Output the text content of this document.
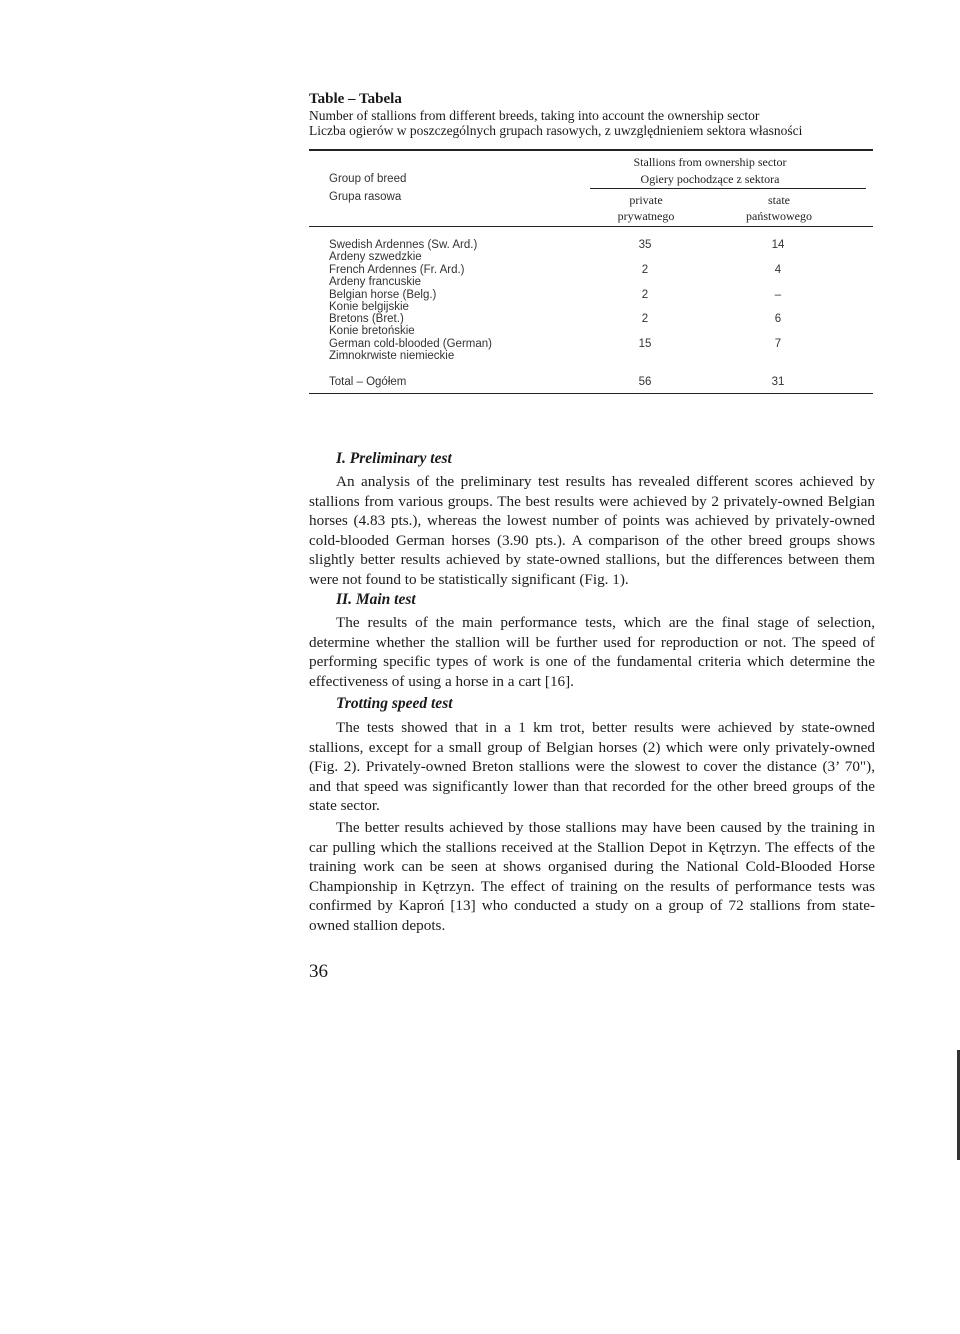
Table – Tabela
Number of stallions from different breeds, taking into account the ownership sector
Liczba ogierów w poszczególnych grupach rasowych, z uwzględnieniem sektora własności
Group of breed
Grupa rasowa
Stallions from ownership sector
Ogiery pochodzące z sektora
private
prywatnego
state
państwowego
Swedish Ardennes (Sw. Ard.)
Ardeny szwedzkie
35	14
French Ardennes (Fr. Ard.)
Ardeny francuskie
2	4
Belgian horse (Belg.)
Konie belgijskie
2	–
Bretons (Bret.)
Konie bretońskie
2	6
German cold-blooded (German)
Zimnokrwiste niemieckie
15	7
Total – Ogółem	56	31
I. Preliminary test

An analysis of the preliminary test results has revealed different scores achieved by stallions from various groups. The best results were achieved by 2 privately-owned Belgian horses (4.83 pts.), whereas the lowest number of points was achieved by privately-owned cold-blooded German horses (3.90 pts.). A comparison of the other breed groups shows slightly better results achieved by state-owned stallions, but the differences between them were not found to be statistically significant (Fig. 1).

II. Main test

The results of the main performance tests, which are the final stage of selection, determine whether the stallion will be further used for reproduction or not. The speed of performing specific types of work is one of the fundamental criteria which determine the effectiveness of using a horse in a cart [16].

Trotting speed test

The tests showed that in a 1 km trot, better results were achieved by state-owned stallions, except for a small group of Belgian horses (2) which were only privately-owned (Fig. 2). Privately-owned Breton stallions were the slowest to cover the distance (3’ 70"), and that speed was significantly lower than that recorded for the other breed groups of the state sector.

The better results achieved by those stallions may have been caused by the training in car pulling which the stallions received at the Stallion Depot in Kętrzyn. The effects of the training work can be seen at shows organised during the National Cold-Blooded Horse Championship in Kętrzyn. The effect of training on the results of performance tests was confirmed by Kaproń [13] who conducted a study on a group of 72 stallions from state-owned stallion depots.

36
